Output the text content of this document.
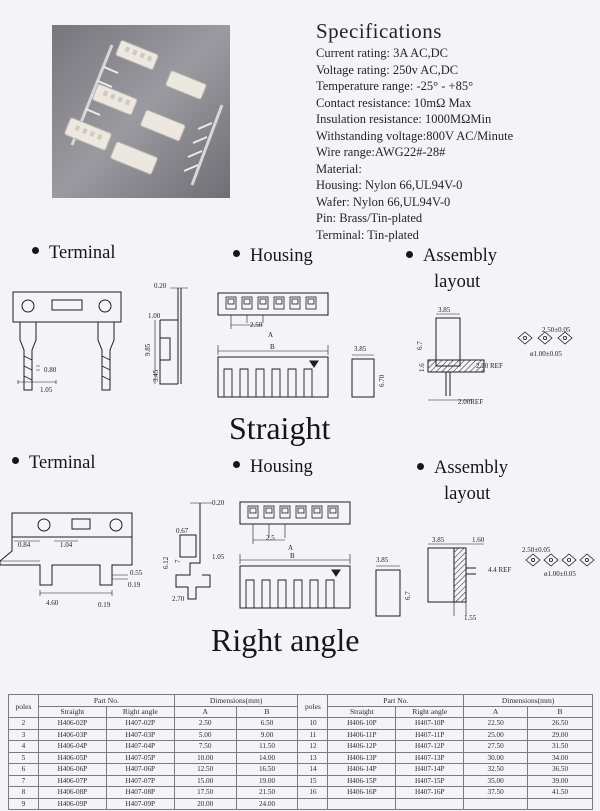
Specifications
Current rating: 3A AC,DC
Voltage rating: 250v AC,DC
Temperature range: -25° - +85°
Contact resistance: 10mΩ Max
Insulation resistance: 1000MΩMin
Withstanding voltage:800V AC/Minute
Wire range:AWG22#-28#
Material:
Housing: Nylon 66,UL94V-0
Wafer: Nylon 66,UL94V-0
Pin: Brass/Tin-plated
Terminal: Tin-plated
Terminal	Housing	Assembly
layout
0.20
1.00
9.85
3.45
0.80
1.05
2.50
A
B	3.85
6.70
3.85
6.7
1.6	2.20 REF
2.00REF
2.50±0.05
ø1.00±0.05
Straight
Terminal	Housing	Assembly
layout
0.20
0.84	1.04
0.67
6.12 7
1.05
0.55
4.60	0.19
0.19
2.70
2.5
A
B	3.85
6.7
3.85	1.60
4.4 REF
1.55
2.50±0.05
ø1.00±0.05
Right angle
poles	Part No.		Dimensions(mm)		poles	Part No.		Dimensions(mm)	
	Straight	Right angle	A	B		Straight	Right angle	A	B
2	H406-02P	H407-02P	2.50	6.50	10	H406-10P	H407-10P	22.50	26.50
3	H406-03P	H407-03P	5.00	9.00	11	H406-11P	H407-11P	25.00	29.00
4	H406-04P	H407-04P	7.50	11.50	12	H406-12P	H407-12P	27.50	31.50
5	H406-05P	H407-05P	10.00	14.00	13	H406-13P	H407-13P	30.00	34.00
6	H406-06P	H407-06P	12.50	16.50	14	H406-14P	H407-14P	32.50	36.50
7	H406-07P	H407-07P	15.00	19.00	15	H406-15P	H407-15P	35.00	39.00
8	H406-08P	H407-08P	17.50	21.50	16	H406-16P	H407-16P	37.50	41.50
9	H406-09P	H407-09P	20.00	24.00					
